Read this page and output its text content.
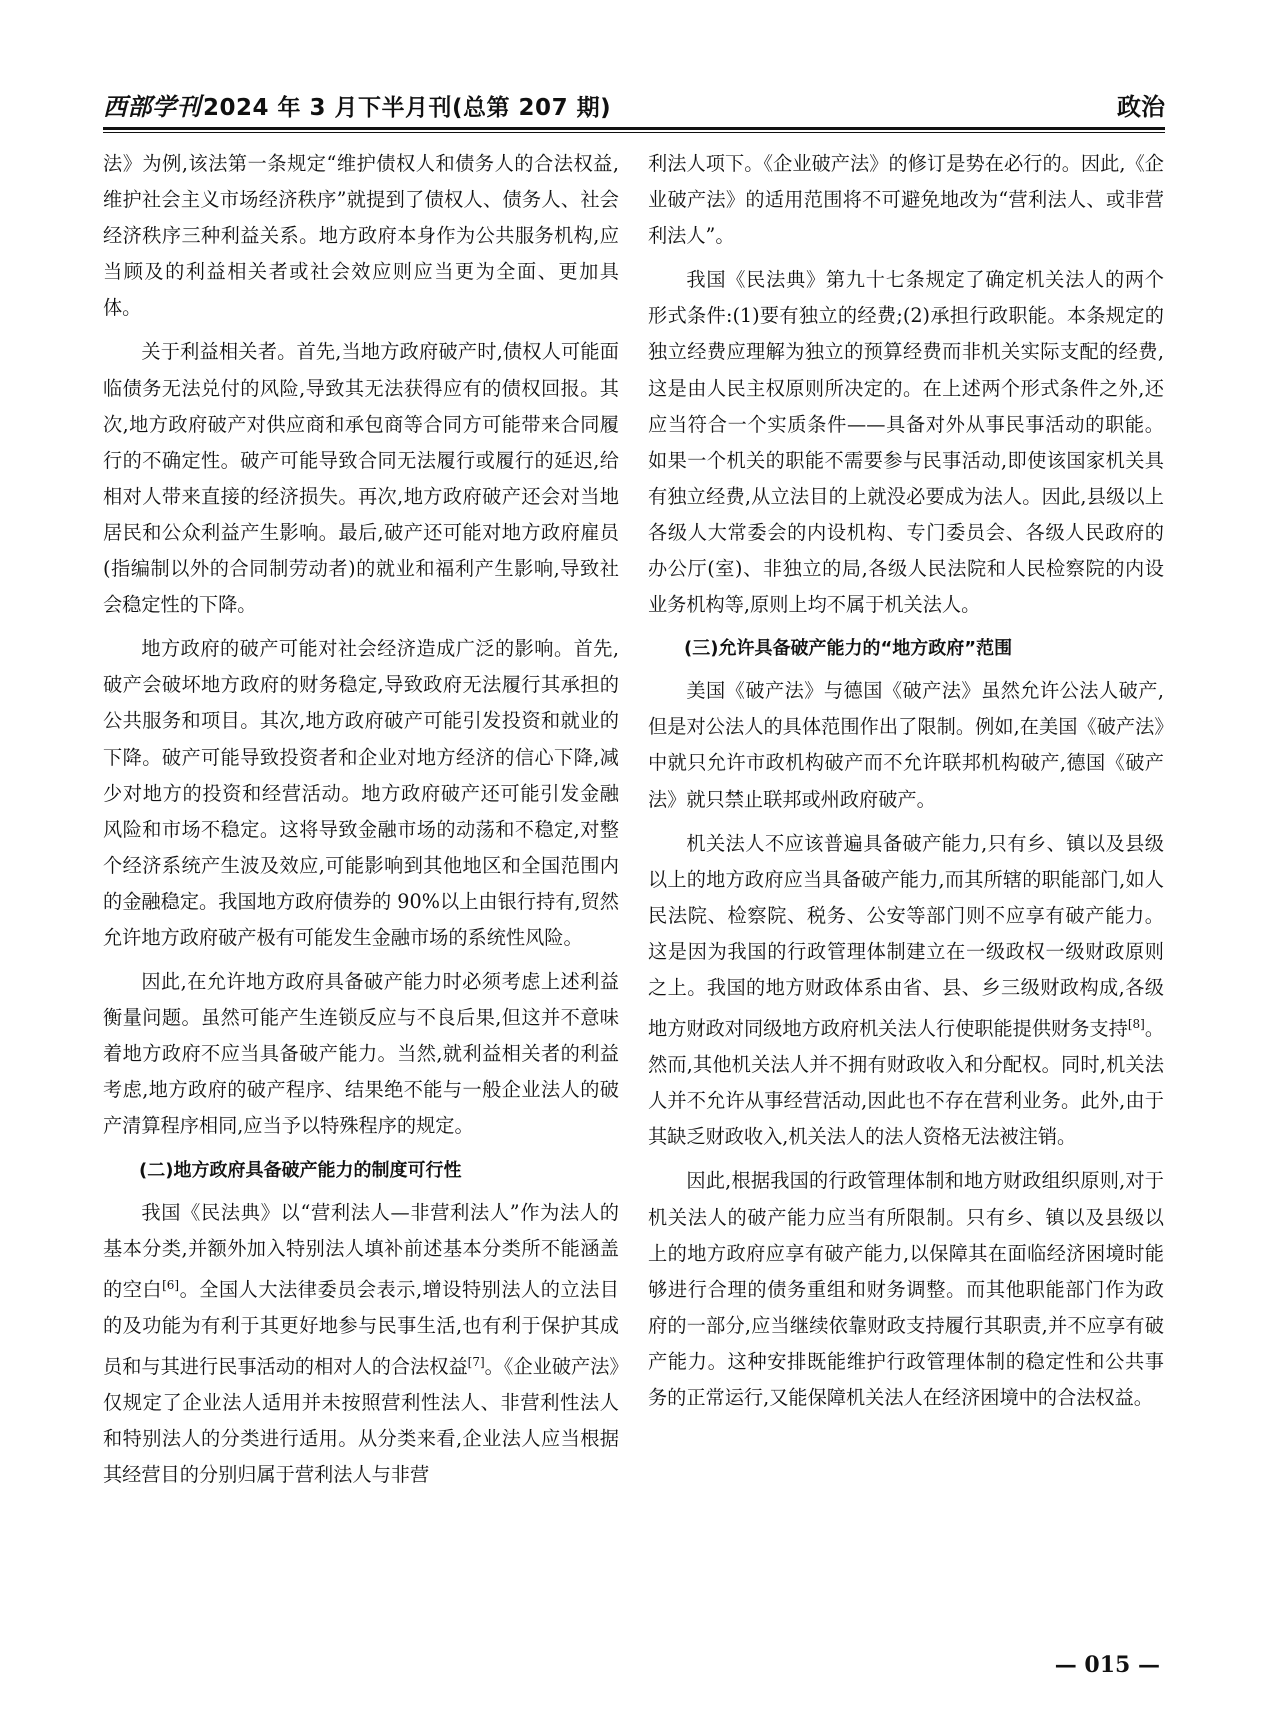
西部学刊2024 年 3 月下半月刊(总第 207 期)	政治

法》为例,该法第一条规定“维护债权人和债务人的合法权益,维护社会主义市场经济秩序”就提到了债权人、债务人、社会经济秩序三种利益关系。地方政府本身作为公共服务机构,应当顾及的利益相关者或社会效应则应当更为全面、更加具体。

关于利益相关者。首先,当地方政府破产时,债权人可能面临债务无法兑付的风险,导致其无法获得应有的债权回报。其次,地方政府破产对供应商和承包商等合同方可能带来合同履行的不确定性。破产可能导致合同无法履行或履行的延迟,给相对人带来直接的经济损失。再次,地方政府破产还会对当地居民和公众利益产生影响。最后,破产还可能对地方政府雇员(指编制以外的合同制劳动者)的就业和福利产生影响,导致社会稳定性的下降。

地方政府的破产可能对社会经济造成广泛的影响。首先,破产会破坏地方政府的财务稳定,导致政府无法履行其承担的公共服务和项目。其次,地方政府破产可能引发投资和就业的下降。破产可能导致投资者和企业对地方经济的信心下降,减少对地方的投资和经营活动。地方政府破产还可能引发金融风险和市场不稳定。这将导致金融市场的动荡和不稳定,对整个经济系统产生波及效应,可能影响到其他地区和全国范围内的金融稳定。我国地方政府债券的 90%以上由银行持有,贸然允许地方政府破产极有可能发生金融市场的系统性风险。

因此,在允许地方政府具备破产能力时必须考虑上述利益衡量问题。虽然可能产生连锁反应与不良后果,但这并不意味着地方政府不应当具备破产能力。当然,就利益相关者的利益考虑,地方政府的破产程序、结果绝不能与一般企业法人的破产清算程序相同,应当予以特殊程序的规定。

(二)地方政府具备破产能力的制度可行性

我国《民法典》以“营利法人—非营利法人”作为法人的基本分类,并额外加入特别法人填补前述基本分类所不能涵盖的空白[6]。全国人大法律委员会表示,增设特别法人的立法目的及功能为有利于其更好地参与民事生活,也有利于保护其成员和与其进行民事活动的相对人的合法权益[7]。《企业破产法》仅规定了企业法人适用并未按照营利性法人、非营利性法人和特别法人的分类进行适用。从分类来看,企业法人应当根据其经营目的分别归属于营利法人与非营

利法人项下。《企业破产法》的修订是势在必行的。因此,《企业破产法》的适用范围将不可避免地改为“营利法人、或非营利法人”。

我国《民法典》第九十七条规定了确定机关法人的两个形式条件:(1)要有独立的经费;(2)承担行政职能。本条规定的独立经费应理解为独立的预算经费而非机关实际支配的经费,这是由人民主权原则所决定的。在上述两个形式条件之外,还应当符合一个实质条件——具备对外从事民事活动的职能。如果一个机关的职能不需要参与民事活动,即使该国家机关具有独立经费,从立法目的上就没必要成为法人。因此,县级以上各级人大常委会的内设机构、专门委员会、各级人民政府的办公厅(室)、非独立的局,各级人民法院和人民检察院的内设业务机构等,原则上均不属于机关法人。

(三)允许具备破产能力的“地方政府”范围

美国《破产法》与德国《破产法》虽然允许公法人破产,但是对公法人的具体范围作出了限制。例如,在美国《破产法》中就只允许市政机构破产而不允许联邦机构破产,德国《破产法》就只禁止联邦或州政府破产。

机关法人不应该普遍具备破产能力,只有乡、镇以及县级以上的地方政府应当具备破产能力,而其所辖的职能部门,如人民法院、检察院、税务、公安等部门则不应享有破产能力。这是因为我国的行政管理体制建立在一级政权一级财政原则之上。我国的地方财政体系由省、县、乡三级财政构成,各级地方财政对同级地方政府机关法人行使职能提供财务支持[8]。然而,其他机关法人并不拥有财政收入和分配权。同时,机关法人并不允许从事经营活动,因此也不存在营利业务。此外,由于其缺乏财政收入,机关法人的法人资格无法被注销。

因此,根据我国的行政管理体制和地方财政组织原则,对于机关法人的破产能力应当有所限制。只有乡、镇以及县级以上的地方政府应享有破产能力,以保障其在面临经济困境时能够进行合理的债务重组和财务调整。而其他职能部门作为政府的一部分,应当继续依靠财政支持履行其职责,并不应享有破产能力。这种安排既能维护行政管理体制的稳定性和公共事务的正常运行,又能保障机关法人在经济困境中的合法权益。

— 015 —
